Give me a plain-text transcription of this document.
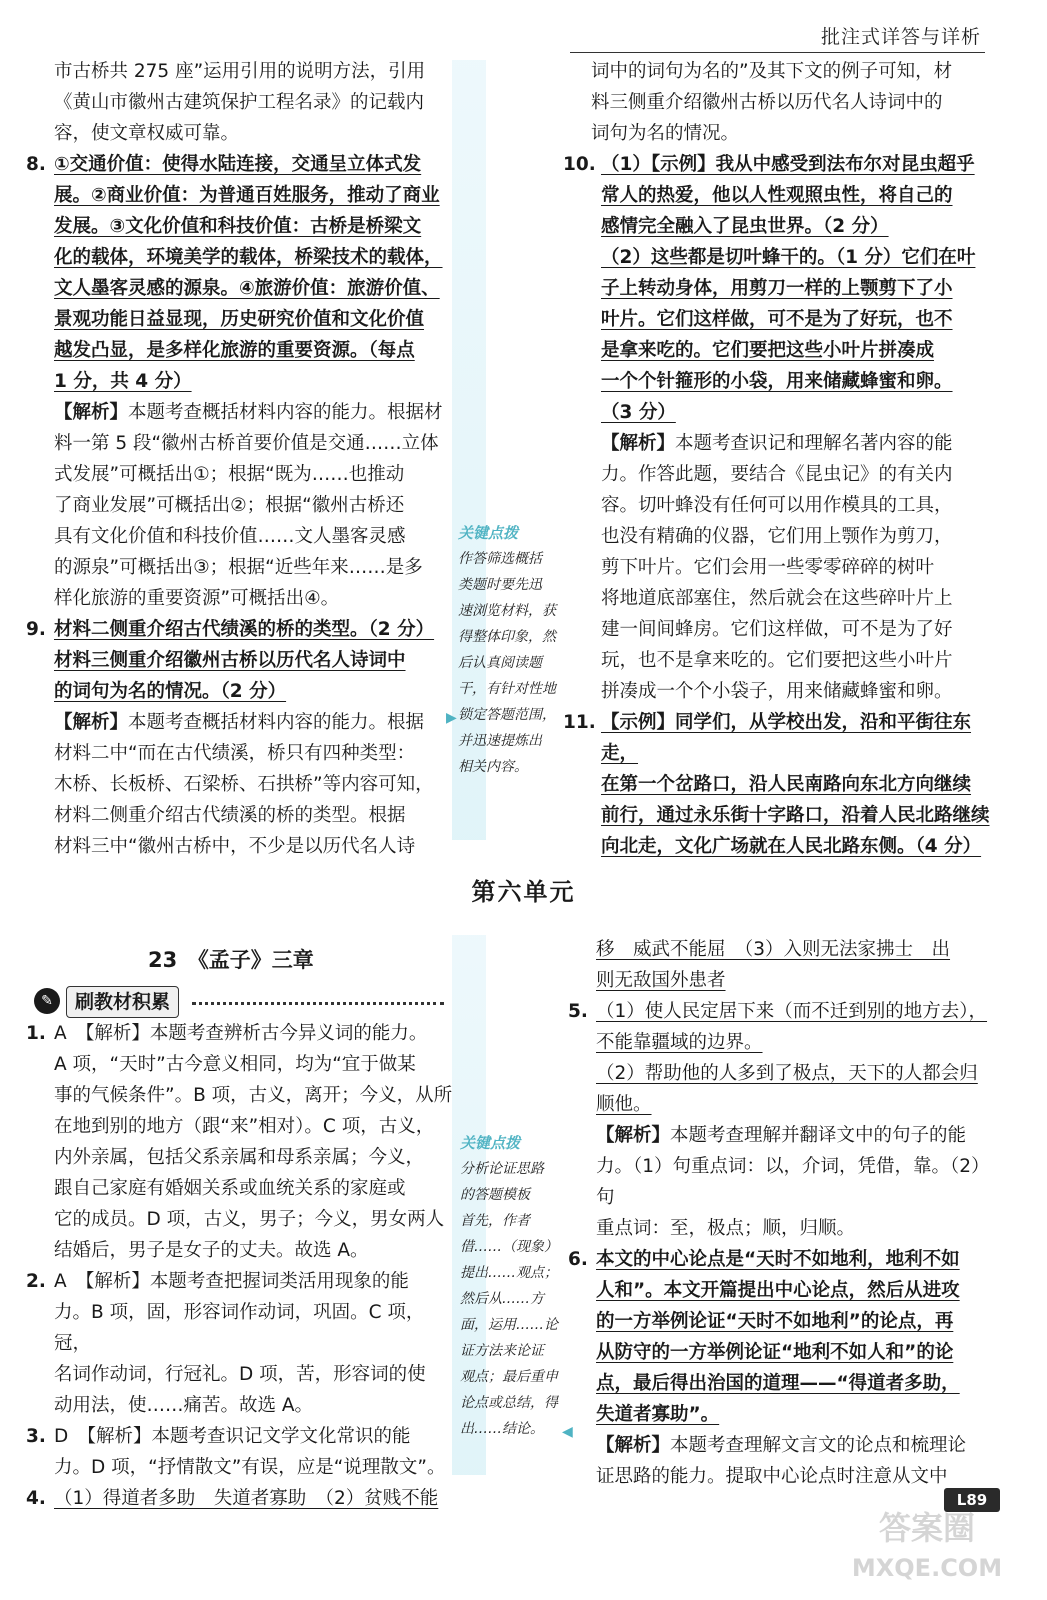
批注式详答与详析

市古桥共 275 座”运用引用的说明方法，引用

《黄山市徽州古建筑保护工程名录》的记载内

容，使文章权威可靠。

8. ①交通价值：使得水陆连接，交通呈立体式发

展。②商业价值：为普通百姓服务，推动了商业

发展。③文化价值和科技价值：古桥是桥梁文

化的载体，环境美学的载体，桥梁技术的载体，

文人墨客灵感的源泉。④旅游价值：旅游价值、

景观功能日益显现，历史研究价值和文化价值

越发凸显，是多样化旅游的重要资源。（每点

1 分，共 4 分）

【解析】本题考查概括材料内容的能力。根据材

料一第 5 段“徽州古桥首要价值是交通……立体

式发展”可概括出①；根据“既为……也推动

了商业发展”可概括出②；根据“徽州古桥还

具有文化价值和科技价值……文人墨客灵感

的源泉”可概括出③；根据“近些年来……是多

样化旅游的重要资源”可概括出④。

9. 材料二侧重介绍古代绩溪的桥的类型。（2 分）

材料三侧重介绍徽州古桥以历代名人诗词中

的词句为名的情况。（2 分）

【解析】本题考查概括材料内容的能力。根据

材料二中“而在古代绩溪，桥只有四种类型：

木桥、长板桥、石梁桥、石拱桥”等内容可知，

材料二侧重介绍古代绩溪的桥的类型。根据

材料三中“徽州古桥中，不少是以历代名人诗

关键点拨
作答筛选概括
类题时要先迅
速浏览材料，获
得整体印象，然
后认真阅读题
干，有针对性地
锁定答题范围，
并迅速提炼出
相关内容。
▶

词中的词句为名的”及其下文的例子可知，材

料三侧重介绍徽州古桥以历代名人诗词中的

词句为名的情况。

10. （1）【示例】我从中感受到法布尔对昆虫超乎

常人的热爱，他以人性观照虫性，将自己的

感情完全融入了昆虫世界。（2 分）

（2）这些都是切叶蜂干的。（1 分）它们在叶

子上转动身体，用剪刀一样的上颚剪下了小

叶片。它们这样做，可不是为了好玩，也不

是拿来吃的。它们要把这些小叶片拼凑成

一个个针箍形的小袋，用来储藏蜂蜜和卵。

（3 分）

【解析】本题考查识记和理解名著内容的能

力。作答此题，要结合《昆虫记》的有关内

容。切叶蜂没有任何可以用作模具的工具，

也没有精确的仪器，它们用上颚作为剪刀，

剪下叶片。它们会用一些零零碎碎的树叶

将地道底部塞住，然后就会在这些碎叶片上

建一间间蜂房。它们这样做，可不是为了好

玩，也不是拿来吃的。它们要把这些小叶片

拼凑成一个个小袋子，用来储藏蜂蜜和卵。

11. 【示例】同学们，从学校出发，沿和平街往东走，

在第一个岔路口，沿人民南路向东北方向继续

前行，通过永乐街十字路口，沿着人民北路继续

向北走，文化广场就在人民北路东侧。（4 分）

第六单元
23　《孟子》三章
✎	刷教材积累

1. A　【解析】本题考查辨析古今异义词的能力。

A 项，“天时”古今意义相同，均为“宜于做某

事的气候条件”。B 项，古义，离开；今义，从所

在地到别的地方（跟“来”相对）。C 项，古义，

内外亲属，包括父系亲属和母系亲属；今义，

跟自己家庭有婚姻关系或血统关系的家庭或

它的成员。D 项，古义，男子；今义，男女两人

结婚后，男子是女子的丈夫。故选 A。

2. A　【解析】本题考查把握词类活用现象的能

力。B 项，固，形容词作动词，巩固。C 项，冠，

名词作动词，行冠礼。D 项，苦，形容词的使

动用法，使……痛苦。故选 A。

3. D　【解析】本题考查识记文学文化常识的能

力。D 项，“抒情散文”有误，应是“说理散文”。

4. （1）得道者多助　失道者寡助　（2）贫贱不能

关键点拨
分析论证思路
的答题模板
首先，作者
借……（现象）
提出……观点；
然后从……方
面，运用……论
证方法来论证
观点；最后重申
论点或总结，得
出……结论。	◀

移　威武不能屈　（3）入则无法家拂士　出

则无敌国外患者

5. （1）使人民定居下来（而不迁到别的地方去），

不能靠疆域的边界。

（2）帮助他的人多到了极点，天下的人都会归

顺他。

【解析】本题考查理解并翻译文中的句子的能

力。（1）句重点词：以，介词，凭借，靠。（2）句

重点词：至，极点；顺，归顺。

6. 本文的中心论点是“天时不如地利，地利不如

人和”。本文开篇提出中心论点，然后从进攻

的一方举例论证“天时不如地利”的论点，再

从防守的一方举例论证“地利不如人和”的论

点，最后得出治国的道理——“得道者多助，

失道者寡助”。

【解析】本题考查理解文言文的论点和梳理论

证思路的能力。提取中心论点时注意从文中

L89
答案圈
MXQE.COM
